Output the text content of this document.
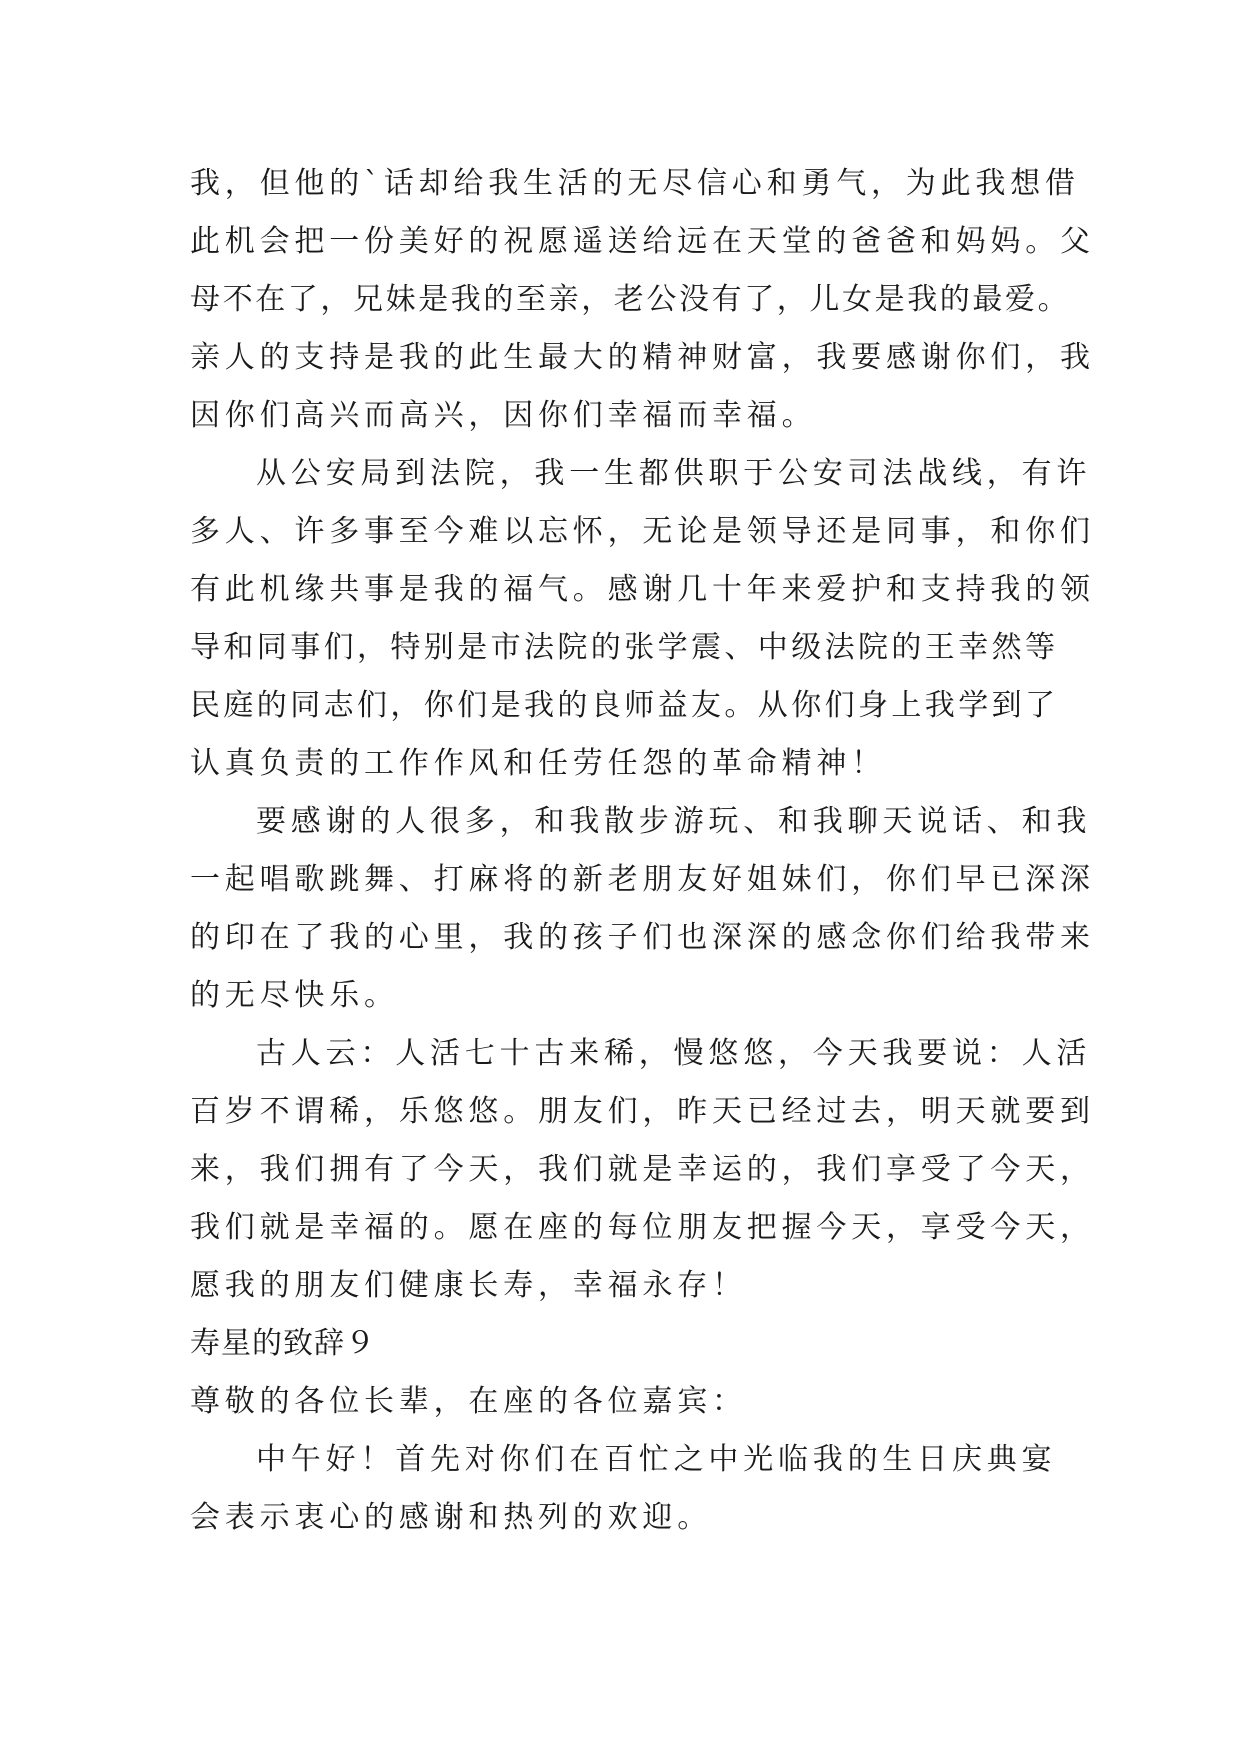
我，但他的`话却给我生活的无尽信心和勇气，为此我想借
此机会把一份美好的祝愿遥送给远在天堂的爸爸和妈妈。父
母不在了，兄妹是我的至亲，老公没有了，儿女是我的最爱。
亲人的支持是我的此生最大的精神财富，我要感谢你们，我
因你们高兴而高兴，因你们幸福而幸福。
从公安局到法院，我一生都供职于公安司法战线，有许
多人、许多事至今难以忘怀，无论是领导还是同事，和你们
有此机缘共事是我的福气。感谢几十年来爱护和支持我的领
导和同事们，特别是市法院的张学震、中级法院的王幸然等
民庭的同志们，你们是我的良师益友。从你们身上我学到了
认真负责的工作作风和任劳任怨的革命精神！
要感谢的人很多，和我散步游玩、和我聊天说话、和我
一起唱歌跳舞、打麻将的新老朋友好姐妹们，你们早已深深
的印在了我的心里，我的孩子们也深深的感念你们给我带来
的无尽快乐。
古人云：人活七十古来稀，慢悠悠，今天我要说：人活
百岁不谓稀，乐悠悠。朋友们，昨天已经过去，明天就要到
来，我们拥有了今天，我们就是幸运的，我们享受了今天，
我们就是幸福的。愿在座的每位朋友把握今天，享受今天，
愿我的朋友们健康长寿，幸福永存！
寿星的致辞９
尊敬的各位长辈，在座的各位嘉宾：
中午好！首先对你们在百忙之中光临我的生日庆典宴
会表示衷心的感谢和热列的欢迎。
